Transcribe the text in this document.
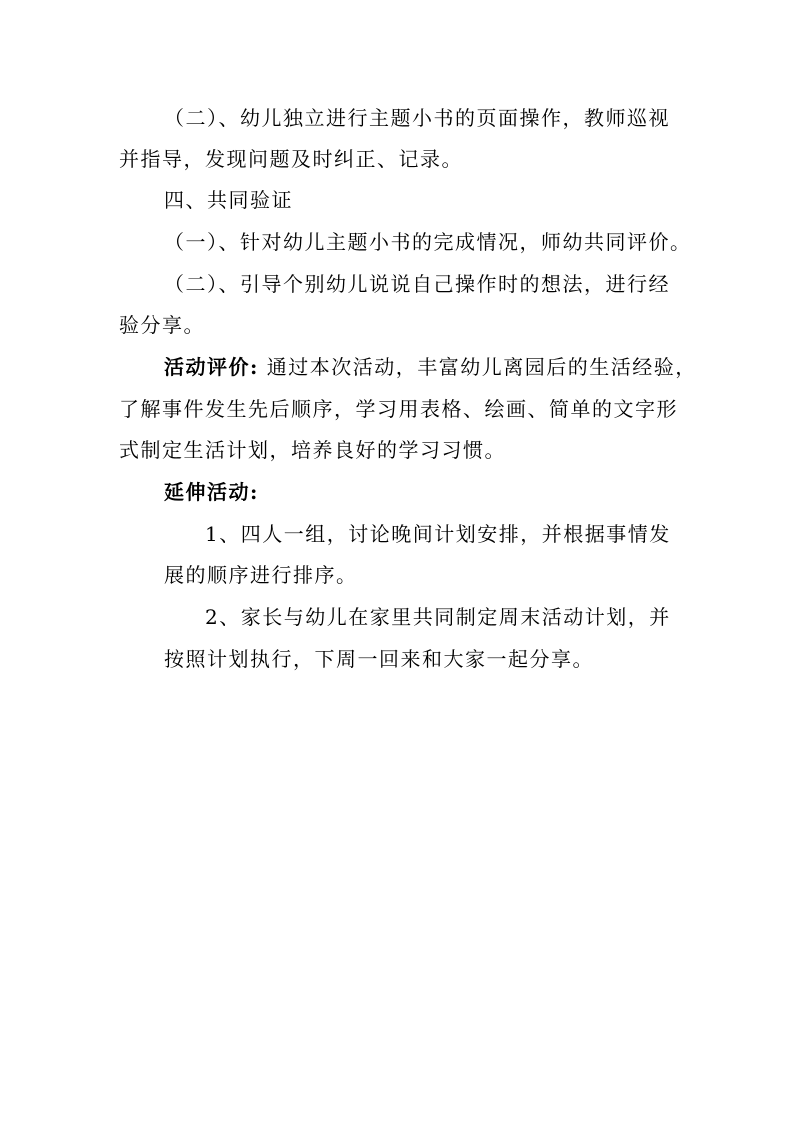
（二）、幼儿独立进行主题小书的页面操作，教师巡视
并指导，发现问题及时纠正、记录。
四、共同验证
（一）、针对幼儿主题小书的完成情况，师幼共同评价。
（二）、引导个别幼儿说说自己操作时的想法，进行经
验分享。
活动评价: 通过本次活动，丰富幼儿离园后的生活经验，
了解事件发生先后顺序，学习用表格、绘画、简单的文字形
式制定生活计划，培养良好的学习习惯。
延伸活动:
1、四人一组，讨论晚间计划安排，并根据事情发
展的顺序进行排序。
2、家长与幼儿在家里共同制定周末活动计划，并
按照计划执行，下周一回来和大家一起分享。
